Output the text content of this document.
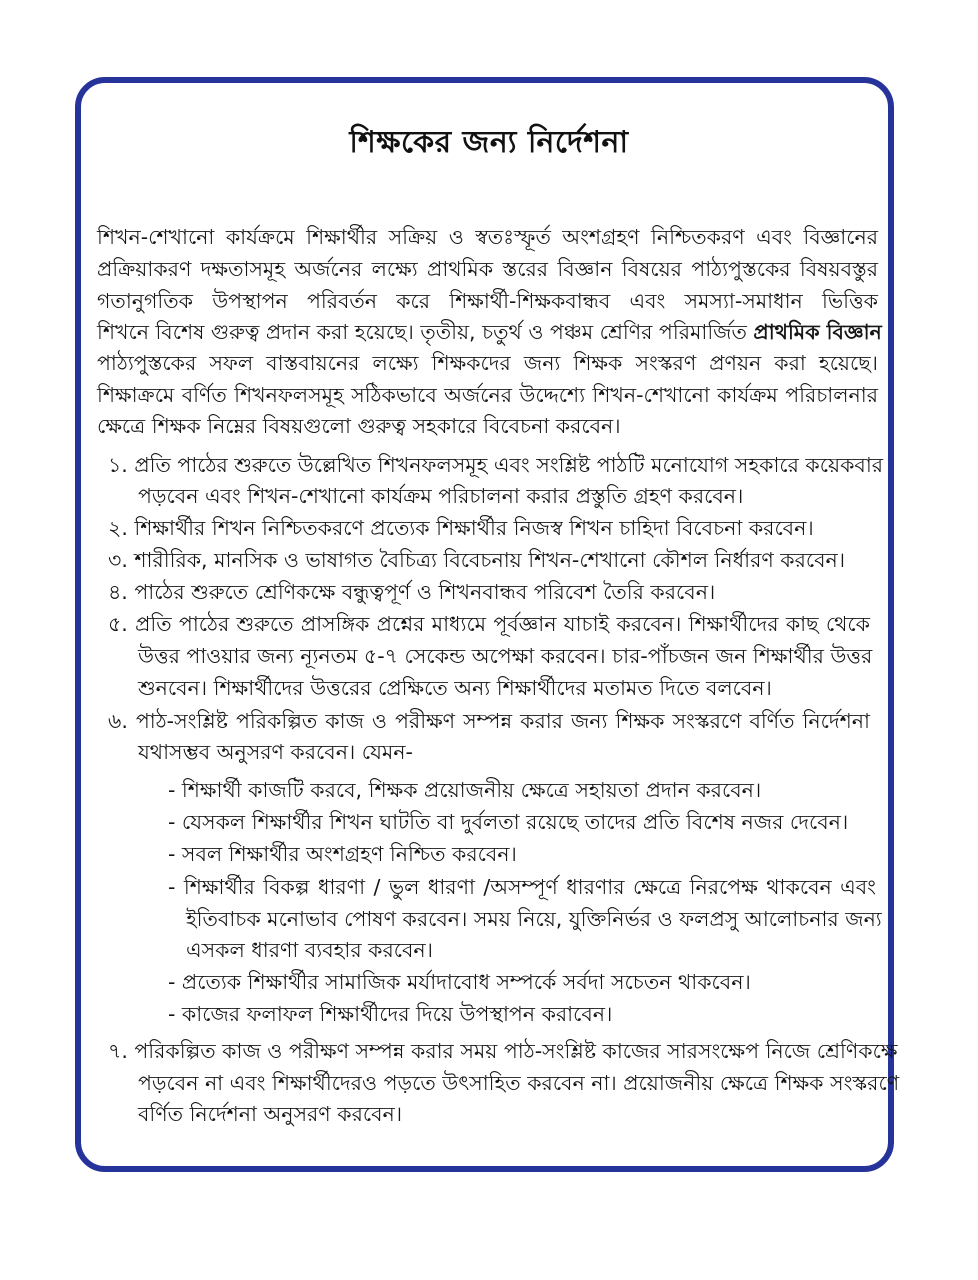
শিক্ষকের জন্য নির্দেশনা
শিখন-শেখানো কার্যক্রমে শিক্ষার্থীর সক্রিয় ও স্বতঃস্ফূর্ত অংশগ্রহণ নিশ্চিতকরণ এবং বিজ্ঞানের
প্রক্রিয়াকরণ দক্ষতাসমূহ অর্জনের লক্ষ্যে প্রাথমিক স্তরের বিজ্ঞান বিষয়ের পাঠ্যপুস্তকের বিষয়বস্তুর
গতানুগতিক উপস্থাপন পরিবর্তন করে শিক্ষার্থী-শিক্ষকবান্ধব এবং সমস্যা-সমাধান ভিত্তিক
শিখনে বিশেষ গুরুত্ব প্রদান করা হয়েছে। তৃতীয়, চতুর্থ ও পঞ্চম শ্রেণির পরিমার্জিত প্রাথমিক বিজ্ঞান
পাঠ্যপুস্তকের সফল বাস্তবায়নের লক্ষ্যে শিক্ষকদের জন্য শিক্ষক সংস্করণ প্রণয়ন করা হয়েছে।
শিক্ষাক্রমে বর্ণিত শিখনফলসমূহ সঠিকভাবে অর্জনের উদ্দেশ্যে শিখন-শেখানো কার্যক্রম পরিচালনার
ক্ষেত্রে শিক্ষক নিম্নের বিষয়গুলো গুরুত্ব সহকারে বিবেচনা করবেন।
১. প্রতি পাঠের শুরুতে উল্লেখিত শিখনফলসমূহ এবং সংশ্লিষ্ট পাঠটি মনোযোগ সহকারে কয়েকবার
পড়বেন এবং শিখন-শেখানো কার্যক্রম পরিচালনা করার প্রস্তুতি গ্রহণ করবেন।
২. শিক্ষার্থীর শিখন নিশ্চিতকরণে প্রত্যেক শিক্ষার্থীর নিজস্ব শিখন চাহিদা বিবেচনা করবেন।
৩. শারীরিক, মানসিক ও ভাষাগত বৈচিত্র্য বিবেচনায় শিখন-শেখানো কৌশল নির্ধারণ করবেন।
৪. পাঠের শুরুতে শ্রেণিকক্ষে বন্ধুত্বপূর্ণ ও শিখনবান্ধব পরিবেশ তৈরি করবেন।
৫. প্রতি পাঠের শুরুতে প্রাসঙ্গিক প্রশ্নের মাধ্যমে পূর্বজ্ঞান যাচাই করবেন। শিক্ষার্থীদের কাছ থেকে
উত্তর পাওয়ার জন্য ন্যূনতম ৫-৭ সেকেন্ড অপেক্ষা করবেন। চার-পাঁচজন জন শিক্ষার্থীর উত্তর
শুনবেন। শিক্ষার্থীদের উত্তরের প্রেক্ষিতে অন্য শিক্ষার্থীদের মতামত দিতে বলবেন।
৬. পাঠ-সংশ্লিষ্ট পরিকল্পিত কাজ ও পরীক্ষণ সম্পন্ন করার জন্য শিক্ষক সংস্করণে বর্ণিত নির্দেশনা
যথাসম্ভব অনুসরণ করবেন। যেমন-
- শিক্ষার্থী কাজটি করবে, শিক্ষক প্রয়োজনীয় ক্ষেত্রে সহায়তা প্রদান করবেন।
- যেসকল শিক্ষার্থীর শিখন ঘাটতি বা দুর্বলতা রয়েছে তাদের প্রতি বিশেষ নজর দেবেন।
- সবল শিক্ষার্থীর অংশগ্রহণ নিশ্চিত করবেন।
- শিক্ষার্থীর বিকল্প ধারণা / ভুল ধারণা /অসম্পূর্ণ ধারণার ক্ষেত্রে নিরপেক্ষ থাকবেন এবং
ইতিবাচক মনোভাব পোষণ করবেন। সময় নিয়ে, যুক্তিনির্ভর ও ফলপ্রসু আলোচনার জন্য
এসকল ধারণা ব্যবহার করবেন।
- প্রত্যেক শিক্ষার্থীর সামাজিক মর্যাদাবোধ সম্পর্কে সর্বদা সচেতন থাকবেন।
- কাজের ফলাফল শিক্ষার্থীদের দিয়ে উপস্থাপন করাবেন।
৭. পরিকল্পিত কাজ ও পরীক্ষণ সম্পন্ন করার সময় পাঠ-সংশ্লিষ্ট কাজের সারসংক্ষেপ নিজে শ্রেণিকক্ষে
পড়বেন না এবং শিক্ষার্থীদেরও পড়তে উৎসাহিত করবেন না। প্রয়োজনীয় ক্ষেত্রে শিক্ষক সংস্করণে
বর্ণিত নির্দেশনা অনুসরণ করবেন।
